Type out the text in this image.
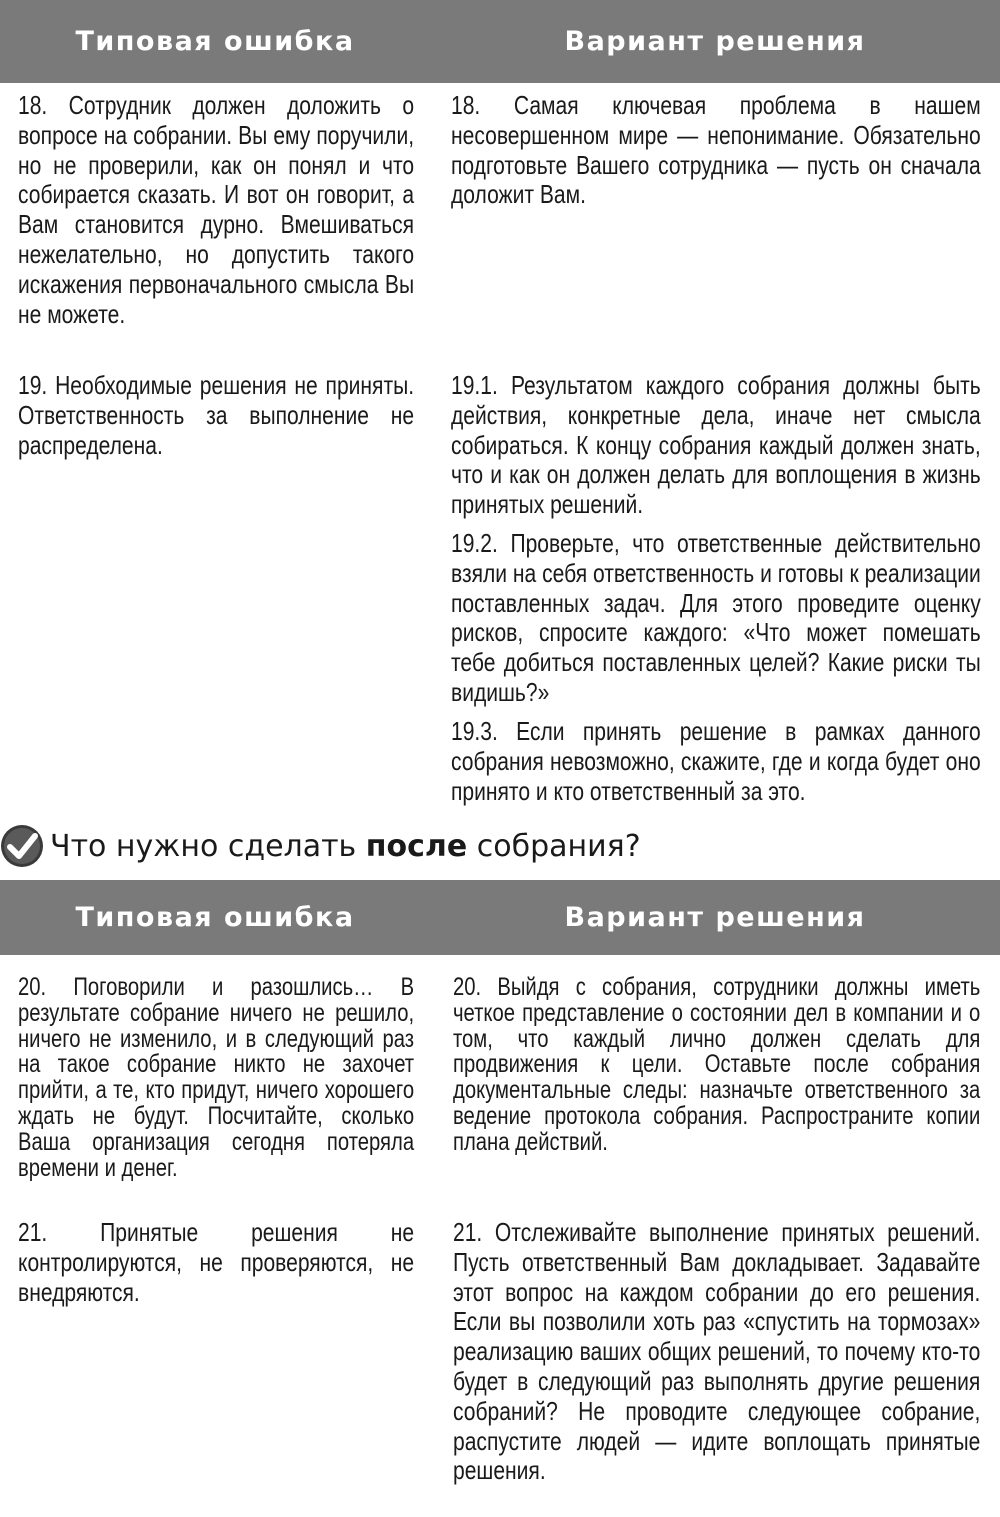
Типовая ошибка	Вариант решения

18. Сотрудник должен доложить о вопросе на собрании. Вы ему поручили, но не проверили, как он понял и что собирается сказать. И вот он говорит, а Вам становится дурно. Вмешиваться нежелательно, но допустить такого искажения первоначального смысла Вы не можете.

18. Самая ключевая проблема в нашем несовершенном мире — непонимание. Обязательно подготовьте Вашего сотрудника — пусть он сначала доложит Вам.

19. Необходимые решения не приняты. Ответственность за выполнение не распределена.

19.1. Результатом каждого собрания должны быть действия, конкретные дела, иначе нет смысла собираться. К концу собрания каждый должен знать, что и как он должен делать для воплощения в жизнь принятых решений.

19.2. Проверьте, что ответственные действительно взяли на себя ответственность и готовы к реализации поставленных задач. Для этого проведите оценку рисков, спросите каждого: «Что может помешать тебе добиться поставленных целей? Какие риски ты видишь?»

19.3. Если принять решение в рамках данного собрания невозможно, скажите, где и когда будет оно принято и кто ответственный за это.

Что нужно сделать после собрания?
Типовая ошибка	Вариант решения

20. Поговорили и разошлись… В результате собрание ничего не решило, ничего не изменило, и в следующий раз на такое собрание никто не захочет прийти, а те, кто придут, ничего хорошего ждать не будут. Посчитайте, сколько Ваша организация сегодня потеряла времени и денег.

20. Выйдя с собрания, сотрудники должны иметь четкое представление о состоянии дел в компании и о том, что каждый лично должен сделать для продвижения к цели. Оставьте после собрания документальные следы: назначьте ответственного за ведение протокола собрания. Распространите копии плана действий.

21. Принятые решения не контролируются, не проверяются, не внедряются.

21. Отслеживайте выполнение принятых решений. Пусть ответственный Вам докладывает. Задавайте этот вопрос на каждом собрании до его решения. Если вы позволили хоть раз «спустить на тормозах» реализацию ваших общих решений, то почему кто-то будет в следующий раз выполнять другие решения собраний? Не проводите следующее собрание, распустите людей — идите воплощать принятые решения.
